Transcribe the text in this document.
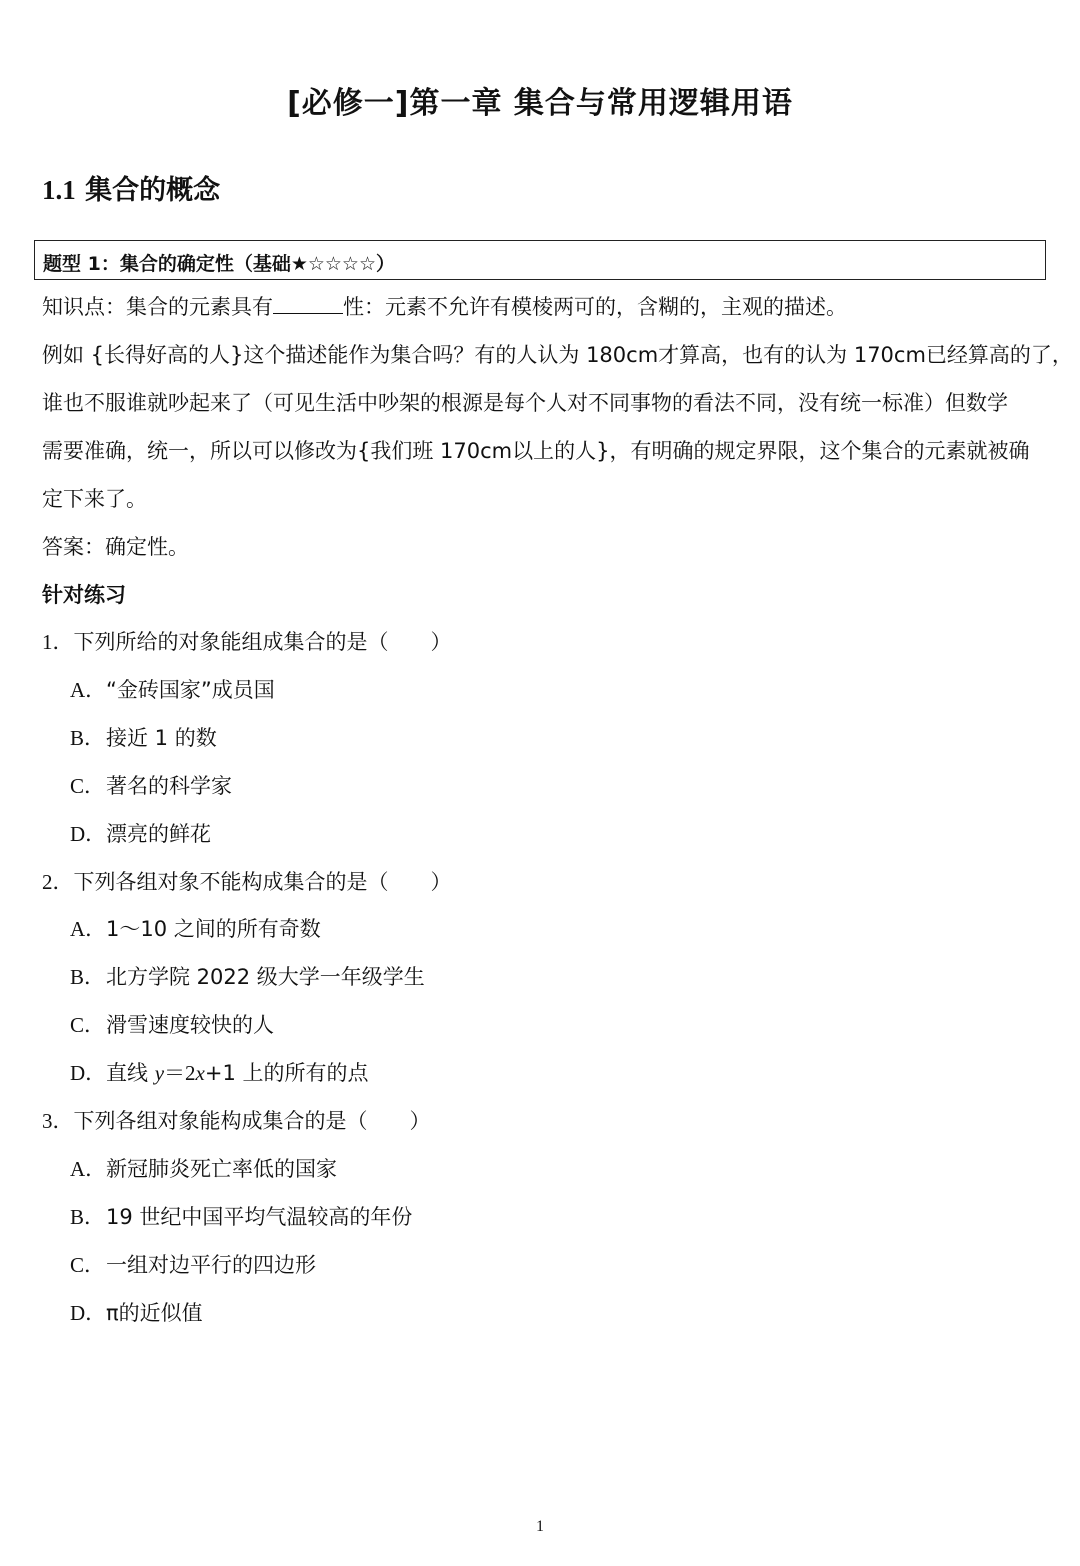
[必修一]第一章 集合与常用逻辑用语
1.1 集合的概念
题型 1：集合的确定性（基础★☆☆☆☆）
知识点：集合的元素具有	性：元素不允许有模棱两可的，含糊的，主观的描述。
例如 {长得好高的人}这个描述能作为集合吗？有的人认为 180cm才算高，也有的认为 170cm已经算高的了，
谁也不服谁就吵起来了（可见生活中吵架的根源是每个人对不同事物的看法不同，没有统一标准）但数学
需要准确，统一，所以可以修改为{我们班 170cm以上的人}，有明确的规定界限，这个集合的元素就被确
定下来了。
答案：确定性。
针对练习
1．下列所给的对象能组成集合的是（　　）
A．“金砖国家”成员国
B．接近 1 的数
C．著名的科学家
D．漂亮的鲜花
2．下列各组对象不能构成集合的是（　　）
A．1～10 之间的所有奇数
B．北方学院 2022 级大学一年级学生
C．滑雪速度较快的人
D．直线 y＝2x+1 上的所有的点
3．下列各组对象能构成集合的是（　　）
A．新冠肺炎死亡率低的国家
B．19 世纪中国平均气温较高的年份
C．一组对边平行的四边形
D．π的近似值
1
